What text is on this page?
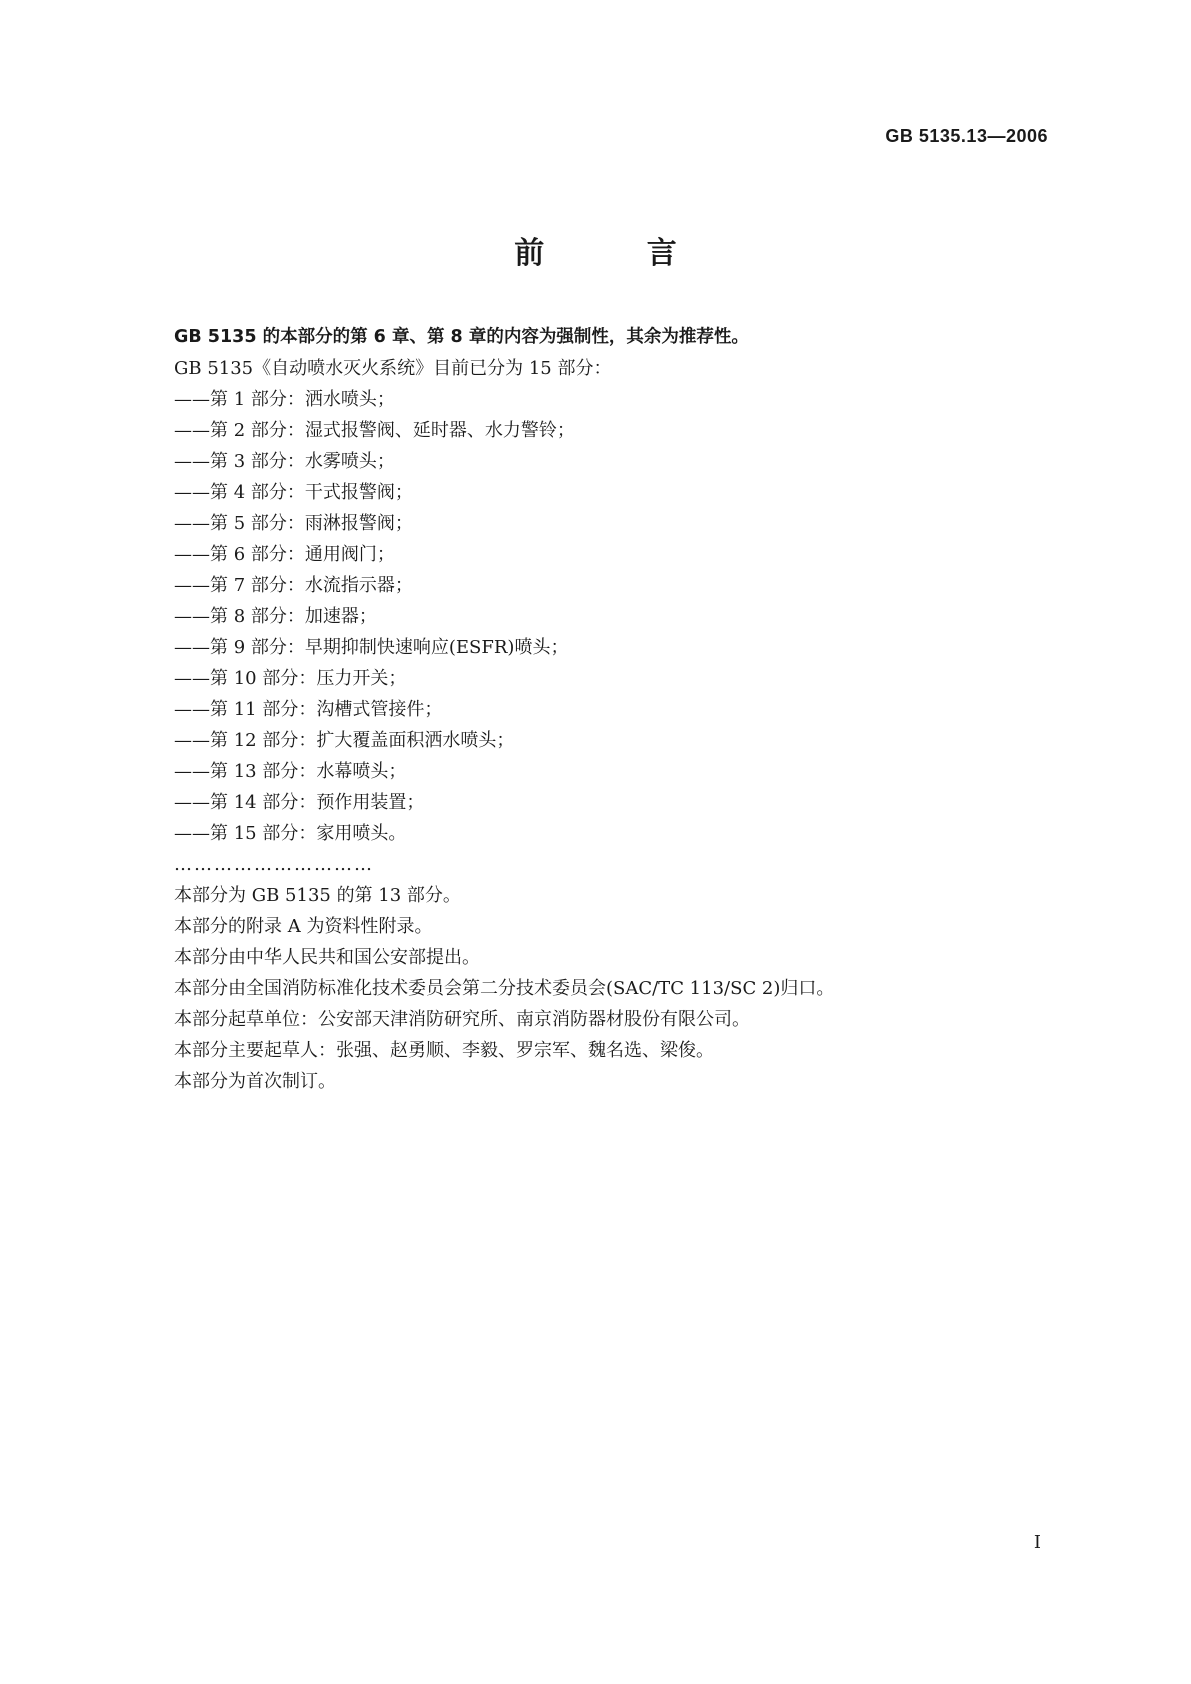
GB 5135.13—2006
前 言
GB 5135 的本部分的第 6 章、第 8 章的内容为强制性，其余为推荐性。
GB 5135《自动喷水灭火系统》目前已分为 15 部分：
——第 1 部分：洒水喷头；
——第 2 部分：湿式报警阀、延时器、水力警铃；
——第 3 部分：水雾喷头；
——第 4 部分：干式报警阀；
——第 5 部分：雨淋报警阀；
——第 6 部分：通用阀门；
——第 7 部分：水流指示器；
——第 8 部分：加速器；
——第 9 部分：早期抑制快速响应(ESFR)喷头；
——第 10 部分：压力开关；
——第 11 部分：沟槽式管接件；
——第 12 部分：扩大覆盖面积洒水喷头；
——第 13 部分：水幕喷头；
——第 14 部分：预作用装置；
——第 15 部分：家用喷头。
…………………………
本部分为 GB 5135 的第 13 部分。
本部分的附录 A 为资料性附录。
本部分由中华人民共和国公安部提出。
本部分由全国消防标准化技术委员会第二分技术委员会(SAC/TC 113/SC 2)归口。
本部分起草单位：公安部天津消防研究所、南京消防器材股份有限公司。
本部分主要起草人：张强、赵勇顺、李毅、罗宗军、魏名选、梁俊。
本部分为首次制订。
I
